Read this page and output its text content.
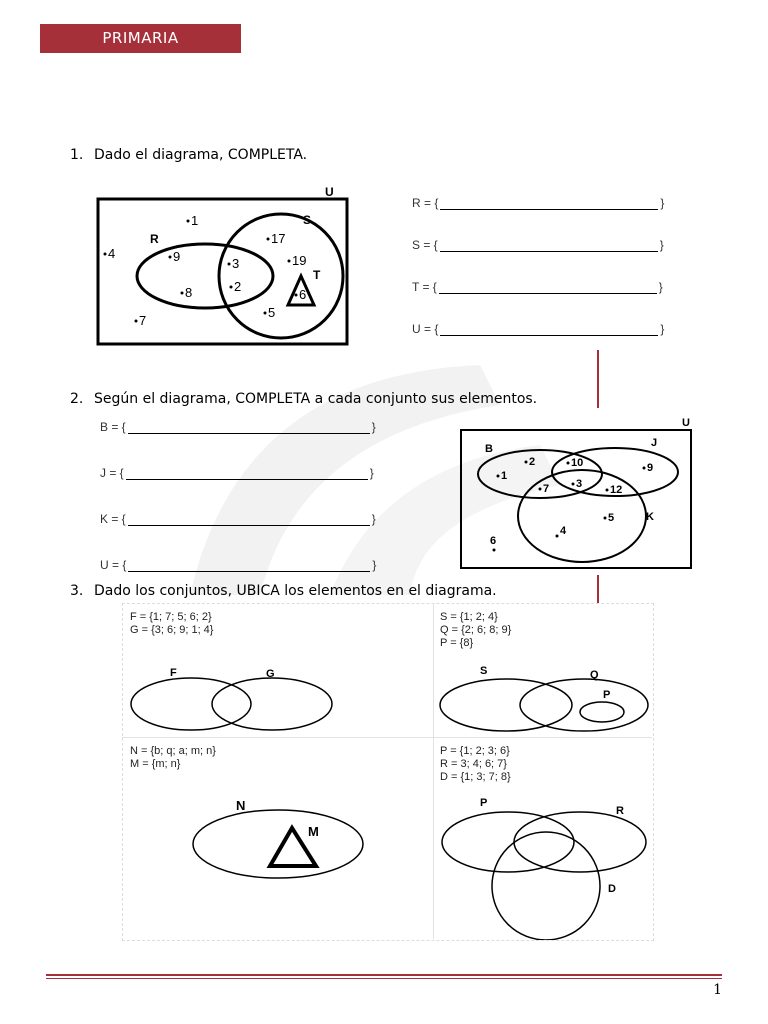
PRIMARIA
1. Dado el diagrama, COMPLETA.
U
R
S
T
1
4	9	3
17
19
8	2
6
5
7
R = {	}
S = {	}
T = {	}
U = {	}
2. Según el diagrama, COMPLETA a cada conjunto sus elementos.
B = {	}
J = {	}
K = {	}
U = {	}
U
B	J
K
2	10	9
1
7 3	12
5
4
6
3. Dado los conjuntos, UBICA los elementos en el diagrama.
F = {1; 7; 5; 6; 2}
G = {3; 6; 9; 1; 4}
F	G
S = {1; 2; 4}
Q = {2; 6; 8; 9}
P = {8}
S	Q
P
N = {b; q; a; m; n}
M = {m; n}
N
M
P = {1; 2; 3; 6}
R = 3; 4; 6; 7}
D = {1; 3; 7; 8}
P
R
D
1
